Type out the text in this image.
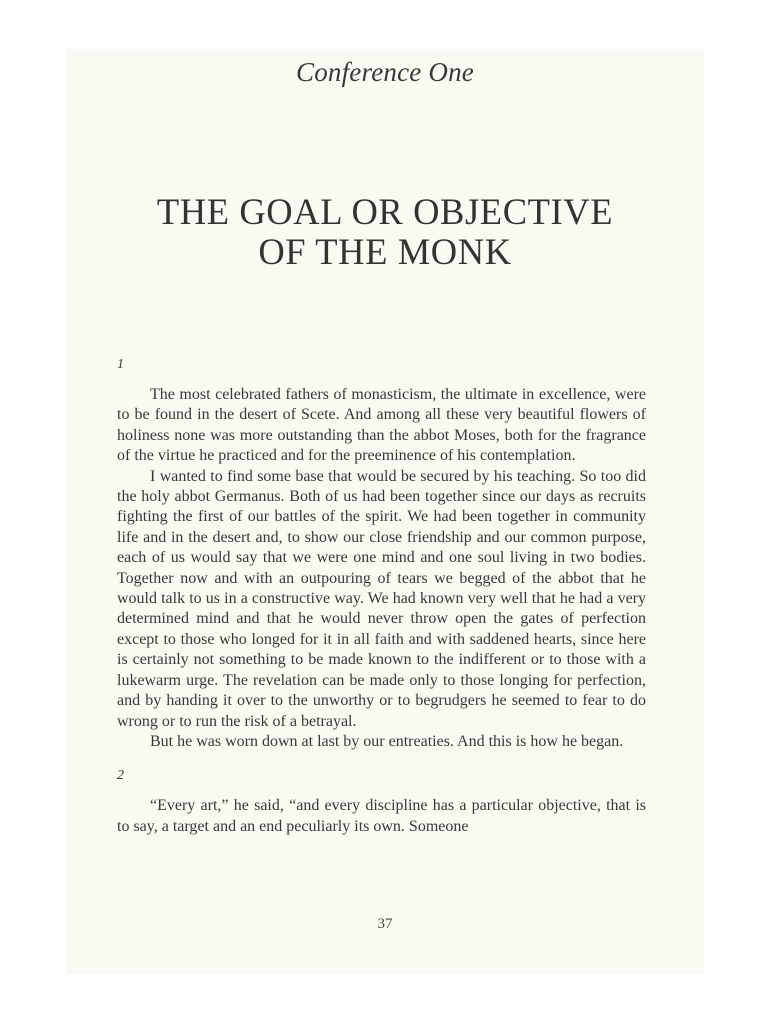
Conference One
THE GOAL OR OBJECTIVE
OF THE MONK
1

The most celebrated fathers of monasticism, the ultimate in excellence, were to be found in the desert of Scete. And among all these very beautiful flowers of holiness none was more outstanding than the abbot Moses, both for the fragrance of the virtue he practiced and for the preeminence of his contemplation.

I wanted to find some base that would be secured by his teaching. So too did the holy abbot Germanus. Both of us had been together since our days as recruits fighting the first of our battles of the spirit. We had been together in community life and in the desert and, to show our close friendship and our common purpose, each of us would say that we were one mind and one soul living in two bodies. Together now and with an outpouring of tears we begged of the abbot that he would talk to us in a constructive way. We had known very well that he had a very determined mind and that he would never throw open the gates of perfection except to those who longed for it in all faith and with saddened hearts, since here is certainly not something to be made known to the indifferent or to those with a lukewarm urge. The revelation can be made only to those longing for perfection, and by handing it over to the unworthy or to begrudgers he seemed to fear to do wrong or to run the risk of a betrayal.

But he was worn down at last by our entreaties. And this is how he began.

2

“Every art,” he said, “and every discipline has a particular objective, that is to say, a target and an end peculiarly its own. Someone

37
